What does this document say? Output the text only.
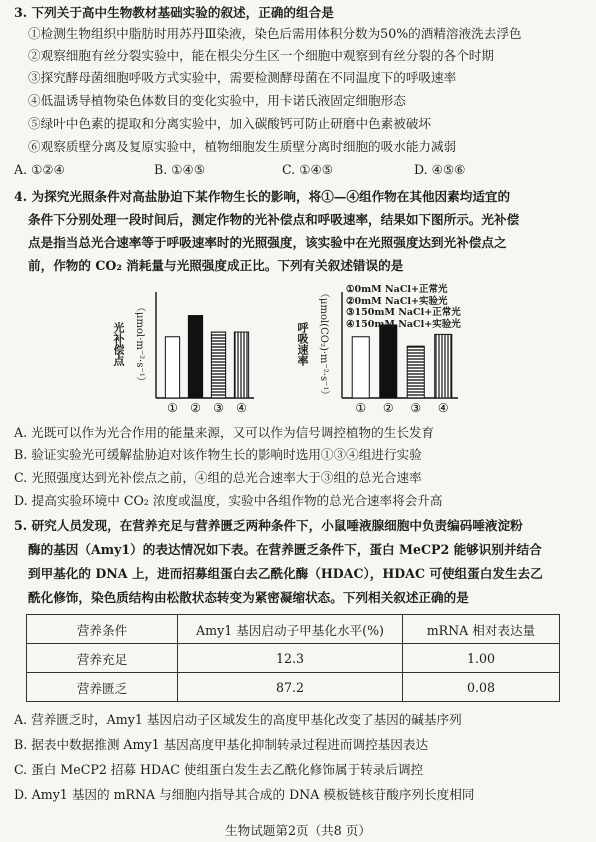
3. 下列关于高中生物教材基础实验的叙述，正确的组合是
①检测生物组织中脂肪时用苏丹Ⅲ染液，染色后需用体积分数为50%的酒精溶液洗去浮色
②观察细胞有丝分裂实验中，能在根尖分生区一个细胞中观察到有丝分裂的各个时期
③探究酵母菌细胞呼吸方式实验中，需要检测酵母菌在不同温度下的呼吸速率
④低温诱导植物染色体数目的变化实验中，用卡诺氏液固定细胞形态
⑤绿叶中色素的提取和分离实验中，加入碳酸钙可防止研磨中色素被破坏
⑥观察质壁分离及复原实验中，植物细胞发生质壁分离时细胞的吸水能力减弱
A. ①②④	B. ①④⑤	C. ①④⑤	D. ④⑤⑥
4. 为探究光照条件对高盐胁迫下某作物生长的影响，将①—④组作物在其他因素均适宜的
条件下分别处理一段时间后，测定作物的光补偿点和呼吸速率，结果如下图所示。光补偿
点是指当总光合速率等于呼吸速率时的光照强度，该实验中在光照强度达到光补偿点之
前，作物的 CO₂ 消耗量与光照强度成正比。下列有关叙述错误的是
光补偿点 （μmol·m⁻²·s⁻¹）
① ② ③ ④
呼吸速率 （μmol(CO₂)·m⁻²·s⁻¹）
① ② ③ ④
①0mM NaCl+正常光
②0mM NaCl+实验光
③150mM NaCl+正常光
④150mM NaCl+实验光
A. 光既可以作为光合作用的能量来源，又可以作为信号调控植物的生长发育
B. 验证实验光可缓解盐胁迫对该作物生长的影响时选用①③④组进行实验
C. 光照强度达到光补偿点之前，④组的总光合速率大于③组的总光合速率
D. 提高实验环境中 CO₂ 浓度或温度，实验中各组作物的总光合速率将会升高
5. 研究人员发现，在营养充足与营养匮乏两种条件下，小鼠唾液腺细胞中负责编码唾液淀粉
酶的基因（Amy1）的表达情况如下表。在营养匮乏条件下，蛋白 MeCP2 能够识别并结合
到甲基化的 DNA 上，进而招募组蛋白去乙酰化酶（HDAC），HDAC 可使组蛋白发生去乙
酰化修饰，染色质结构由松散状态转变为紧密凝缩状态。下列相关叙述正确的是
营养条件	Amy1 基因启动子甲基化水平(%)	mRNA 相对表达量
营养充足	12.3	1.00
营养匮乏	87.2	0.08
A. 营养匮乏时，Amy1 基因启动子区域发生的高度甲基化改变了基因的碱基序列
B. 据表中数据推测 Amy1 基因高度甲基化抑制转录过程进而调控基因表达
C. 蛋白 MeCP2 招募 HDAC 使组蛋白发生去乙酰化修饰属于转录后调控
D. Amy1 基因的 mRNA 与细胞内指导其合成的 DNA 模板链核苷酸序列长度相同
生物试题第2页（共8 页）
